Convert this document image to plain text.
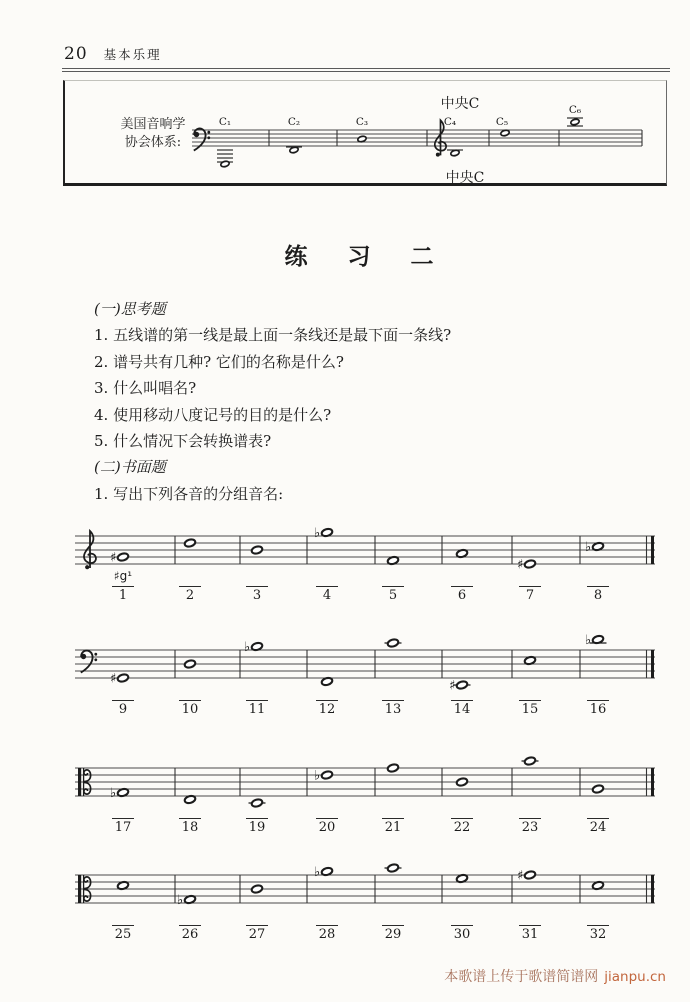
20 基本乐理
美国音响学
协会体系:
C₁	C₂	C₃	C₄	C₅
C₆
中央C
中央C
练 习 二
(一)思考题
1. 五线谱的第一线是最上面一条线还是最下面一条线?
2. 谱号共有几种? 它们的名称是什么?
3. 什么叫唱名?
4. 使用移动八度记号的目的是什么?
5. 什么情况下会转换谱表?
(二)书面题
1. 写出下列各音的分组音名:
♯
♭
♯
♭
♯g¹
1	2	3	4	5	6	7	8
♯
♭
♯
♭
9	10	11	12	13	14	15	16
♭
♭
17	18	19	20	21	22	23	24
♭
♭	♯
25	26	27	28	29	30	31	32
本歌谱上传于歌谱简谱网 jianpu.cn
